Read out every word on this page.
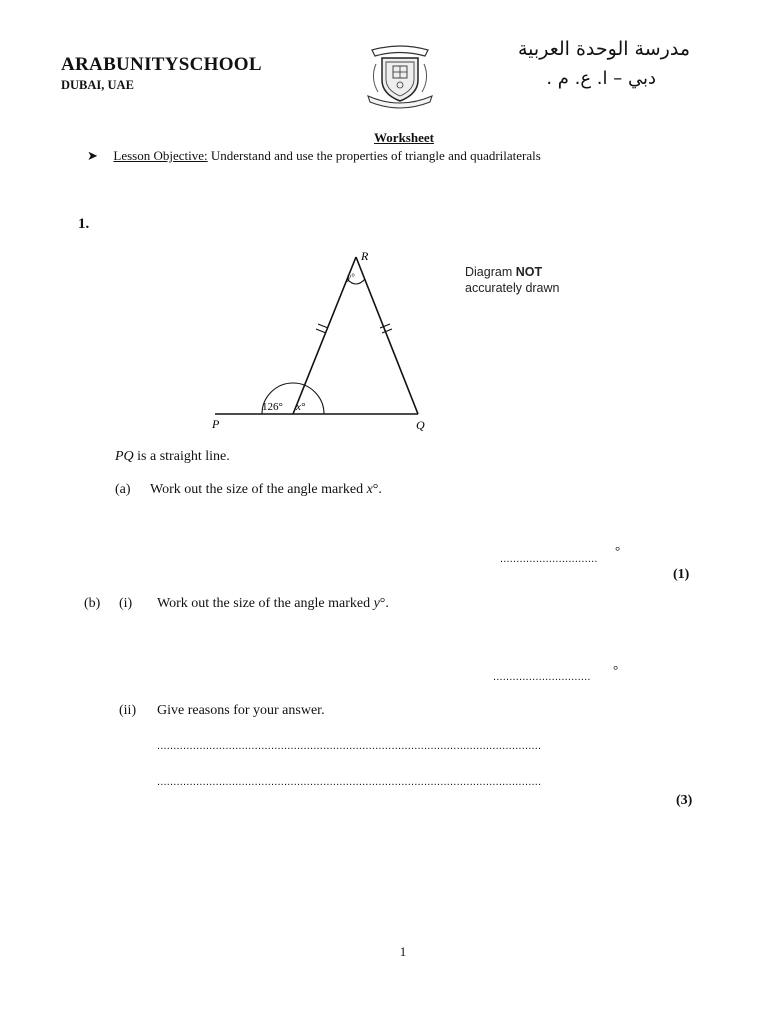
ARABUNITYSCHOOL
DUBAI, UAE
مدرسة الوحدة العربية
دبي – ا. ع. م .
Worksheet
➤ Lesson Objective: Understand and use the properties of triangle and quadrilaterals
1.
R
y°
126° x°
P	Q
Diagram NOT
accurately drawn
PQ is a straight line.
(a) Work out the size of the angle marked x°.
..............................
°
(1)
(b) (i) Work out the size of the angle marked y°.
..............................	°
(ii) Give reasons for your answer.
......................................................................................................................
......................................................................................................................
(3)
1
